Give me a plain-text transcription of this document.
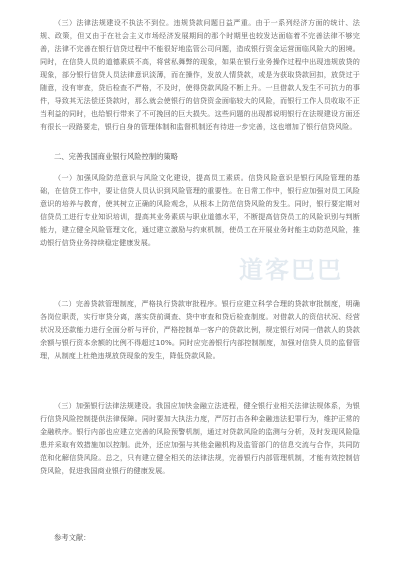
（三）法律法规建设不执法不到位。违规贷款问题日益严重。由于一系列经济方面的统计、法规、政策，但又由于在社会主义市场经济发展期间的那个时期里也较发达面临着不完善法律不够完善，法律不完善在银行信贷过程中不能很好地监管公司问题，造成银行资金运营面临风险大的困境。同时，在信贷人员的道德素质不高，将营私舞弊的现象，如果在银行业务操作过程中出现违规放贷的现象，部分银行信贷人员法律意识淡薄，而在操作，发放人情贷款，或是为获取贷款回扣，放贷过于随意，没有审查，贷后检查不严格，不及时，使得贷款风险不断上升。一旦借款人发生不可抗力的事件，导致其无法偿还贷款时，那么就会使银行的信贷资金面临较大的风险，而银行工作人员收取不正当利益的同时，也给银行带来了不可挽回的巨大损失。这些问题的出现都说明银行在法规建设方面还有很长一段路要走，银行自身的管理体制和监督机制还有待进一步完善，这也增加了银行信贷风险。

二、完善我国商业银行风险控制的策略

（一）加强风险防范意识与风险文化建设，提高员工素质。信贷风险意识是银行风险管理的基础，在信贷工作中，要让信贷人员认识到风险管理的重要性。在日常工作中，银行应加强对员工风险意识的培养与教育，使其树立正确的风险观念，从根本上防范信贷风险的发生。同时，银行要定期对信贷员工进行专业知识培训，提高其业务素质与职业道德水平，不断提高信贷员工的风险识别与判断能力，建立健全风险管理文化，通过建立激励与约束机制，使员工在开展业务时能主动防范风险，推动银行信贷业务持续稳定健康发展。

（二）完善贷款管理制度，严格执行贷款审批程序。银行应建立科学合理的贷款审批制度，明确各岗位职责，实行审贷分离，落实贷前调查、贷中审查和贷后检查制度。对借款人的资信状况、经营状况及还款能力进行全面分析与评价，严格控制单一客户的贷款比例，规定银行对同一借款人的贷款余额与银行资本余额的比例不得超过10%。同时应完善银行内部控制制度，加强对信贷人员的监督管理，从制度上杜绝违规放贷现象的发生，降低贷款风险。

（三）加强银行法律法规建设。我国应加快金融立法进程，健全银行业相关法律法规体系，为银行信贷风险控制提供法律保障。同时要加大执法力度，严厉打击各种金融违法犯罪行为，维护正常的金融秩序。银行内部也应建立完善的风险预警机制，通过对贷款风险的监测与分析，及时发现风险隐患并采取有效措施加以控制。此外，还应加强与其他金融机构及监管部门的信息交流与合作，共同防范和化解信贷风险。总之，只有建立健全相关的法律法规，完善银行内部管理机制，才能有效控制信贷风险，促进我国商业银行的健康发展。

参考文献：
道客巴巴
